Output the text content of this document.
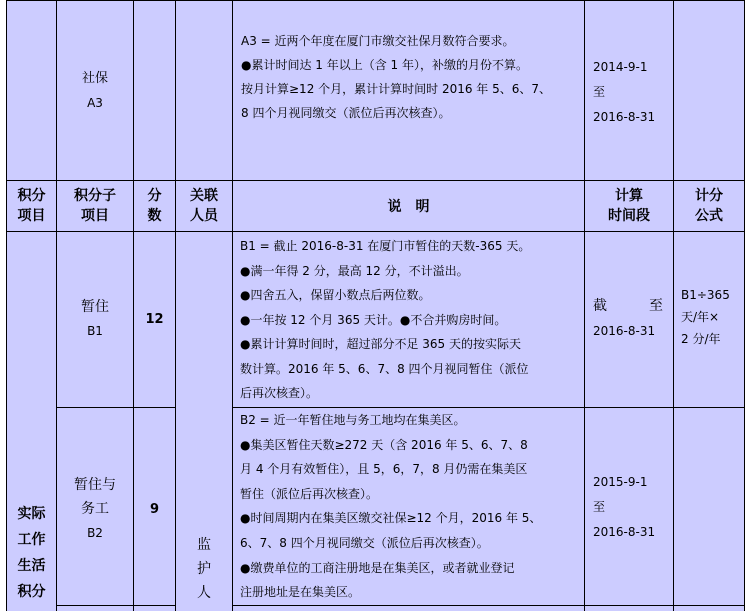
社保
A3
A3 = 近两个年度在厦门市缴交社保月数符合要求。
●累计时间达 1 年以上（含 1 年），补缴的月份不算。
按月计算≥12 个月，累计计算时间时 2016 年 5、6、7、
8 四个月视同缴交（派位后再次核查）。
2014-9-1
至
2016-8-31
积分
项目
积分子
项目
分
数
关联
人员
说　明
计算
时间段
计分
公式
实际
工作
生活
积分
监
护
人
暂住
B1
12
B1 = 截止 2016-8-31 在厦门市暂住的天数-365 天。
●满一年得 2 分，最高 12 分，不计溢出。
●四舍五入，保留小数点后两位数。
●一年按 12 个月 365 天计。●不合并购房时间。
●累计计算时间时，超过部分不足 365 天的按实际天
数计算。2016 年 5、6、7、8 四个月视同暂住（派位
后再次核查）。
截	至
2016-8-31
B1÷365
天/年×
2 分/年
暂住与
务工
B2
9
B2 = 近一年暂住地与务工地均在集美区。
●集美区暂住天数≥272 天（含 2016 年 5、6、7、8
月 4 个月有效暂住），且 5，6，7，8 月仍需在集美区
暂住（派位后再次核查）。
●时间周期内在集美区缴交社保≥12 个月，2016 年 5、
6、7、8 四个月视同缴交（派位后再次核查）。
●缴费单位的工商注册地是在集美区，或者就业登记
注册地址是在集美区。
2015-9-1
至
2016-8-31
